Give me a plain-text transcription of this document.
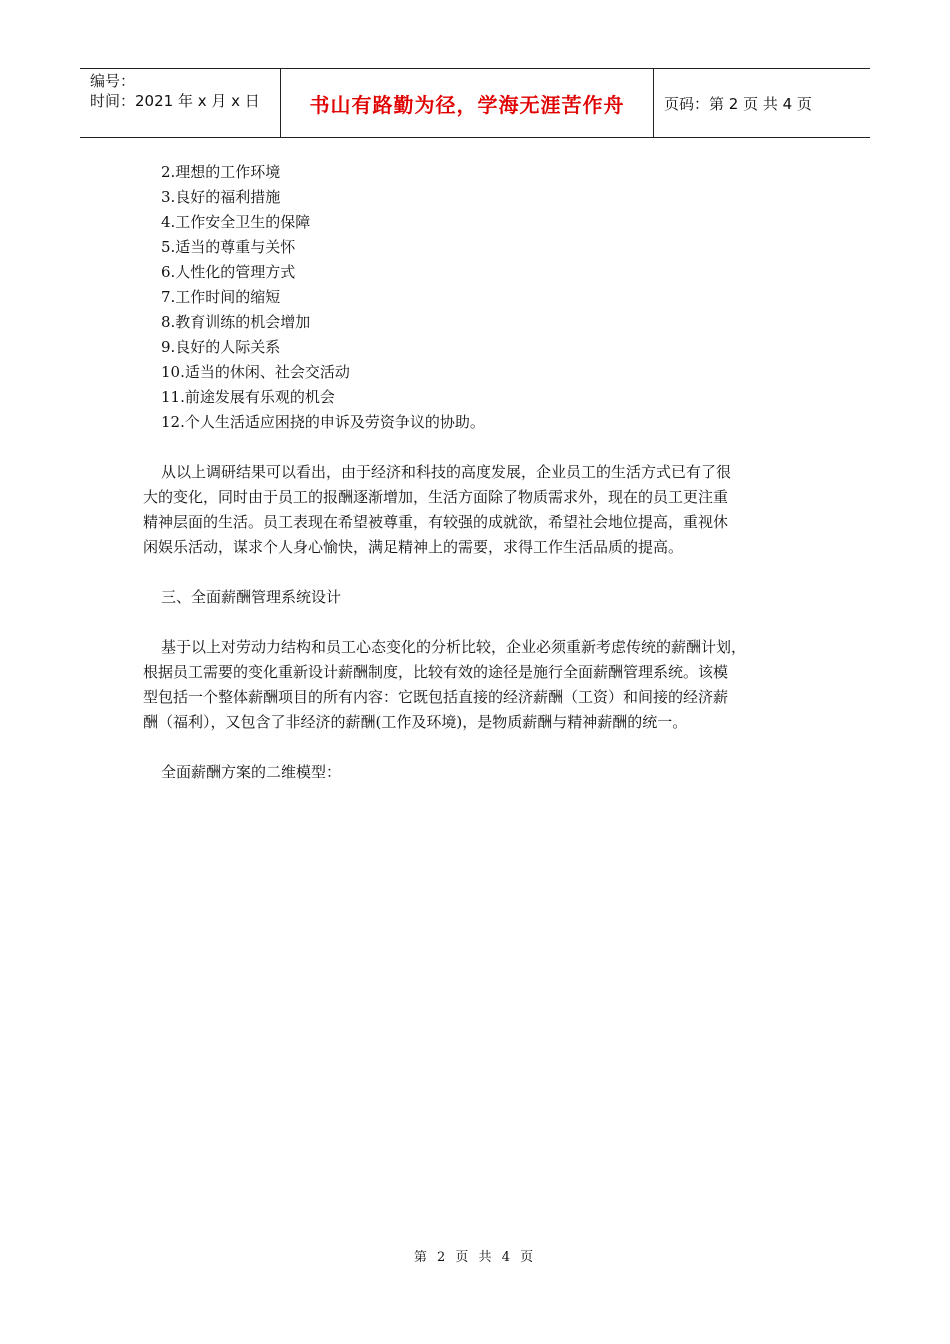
编号：
时间：2021 年 x 月 x 日	书山有路勤为径，学海无涯苦作舟	页码：第 2 页 共 4 页
2.理想的工作环境
3.良好的福利措施
4.工作安全卫生的保障
5.适当的尊重与关怀
6.人性化的管理方式
7.工作时间的缩短
8.教育训练的机会增加
9.良好的人际关系
10.适当的休闲、社会交活动
11.前途发展有乐观的机会
12.个人生活适应困挠的申诉及劳资争议的协助。
从以上调研结果可以看出，由于经济和科技的高度发展，企业员工的生活方式已有了很
大的变化，同时由于员工的报酬逐渐增加，生活方面除了物质需求外，现在的员工更注重
精神层面的生活。员工表现在希望被尊重，有较强的成就欲，希望社会地位提高，重视休
闲娱乐活动，谋求个人身心愉快，满足精神上的需要，求得工作生活品质的提高。
三、全面薪酬管理系统设计
基于以上对劳动力结构和员工心态变化的分析比较，企业必须重新考虑传统的薪酬计划，
根据员工需要的变化重新设计薪酬制度，比较有效的途径是施行全面薪酬管理系统。该模
型包括一个整体薪酬项目的所有内容：它既包括直接的经济薪酬（工资）和间接的经济薪
酬（福利），又包含了非经济的薪酬(工作及环境)，是物质薪酬与精神薪酬的统一。
全面薪酬方案的二维模型：
第 2 页 共 4 页
